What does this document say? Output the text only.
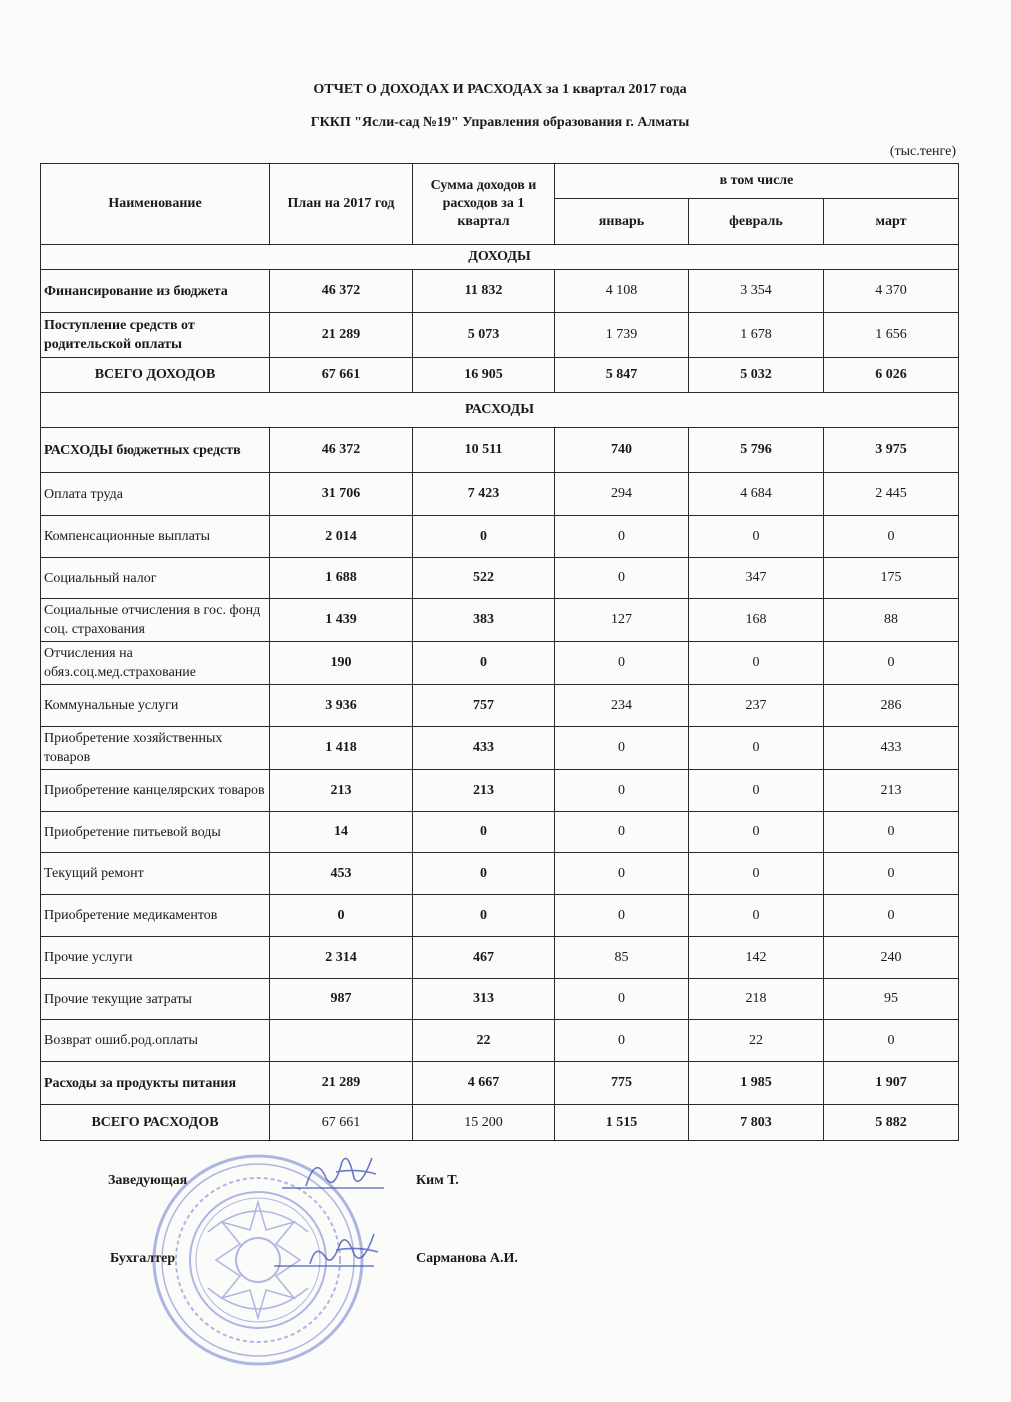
ОТЧЕТ О ДОХОДАХ И РАСХОДАХ за 1 квартал 2017 года
ГККП "Ясли-сад №19" Управления образования г. Алматы
(тыс.тенге)
Наименование	План на 2017 год	Сумма доходов и расходов за 1 квартал	в том числе		
			январь	февраль	март
ДОХОДЫ					
Финансирование из бюджета	46 372	11 832	4 108	3 354	4 370
Поступление средств от родительской оплаты	21 289	5 073	1 739	1 678	1 656
ВСЕГО ДОХОДОВ	67 661	16 905	5 847	5 032	6 026
РАСХОДЫ					
РАСХОДЫ бюджетных средств	46 372	10 511	740	5 796	3 975
Оплата труда	31 706	7 423	294	4 684	2 445
Компенсационные выплаты	2 014	0	0	0	0
Социальный налог	1 688	522	0	347	175
Социальные отчисления в гос. фонд соц. страхования	1 439	383	127	168	88
Отчисления на обяз.соц.мед.страхование	190	0	0	0	0
Коммунальные услуги	3 936	757	234	237	286
Приобретение хозяйственных товаров	1 418	433	0	0	433
Приобретение канцелярских товаров	213	213	0	0	213
Приобретение питьевой воды	14	0	0	0	0
Текущий ремонт	453	0	0	0	0
Приобретение медикаментов	0	0	0	0	0
Прочие услуги	2 314	467	85	142	240
Прочие текущие затраты	987	313	0	218	95
Возврат ошиб.род.оплаты		22	0	22	0
Расходы за продукты питания	21 289	4 667	775	1 985	1 907
ВСЕГО РАСХОДОВ	67 661	15 200	1 515	7 803	5 882
Заведующая	Ким Т.
Бухгалтер	Сарманова А.И.
